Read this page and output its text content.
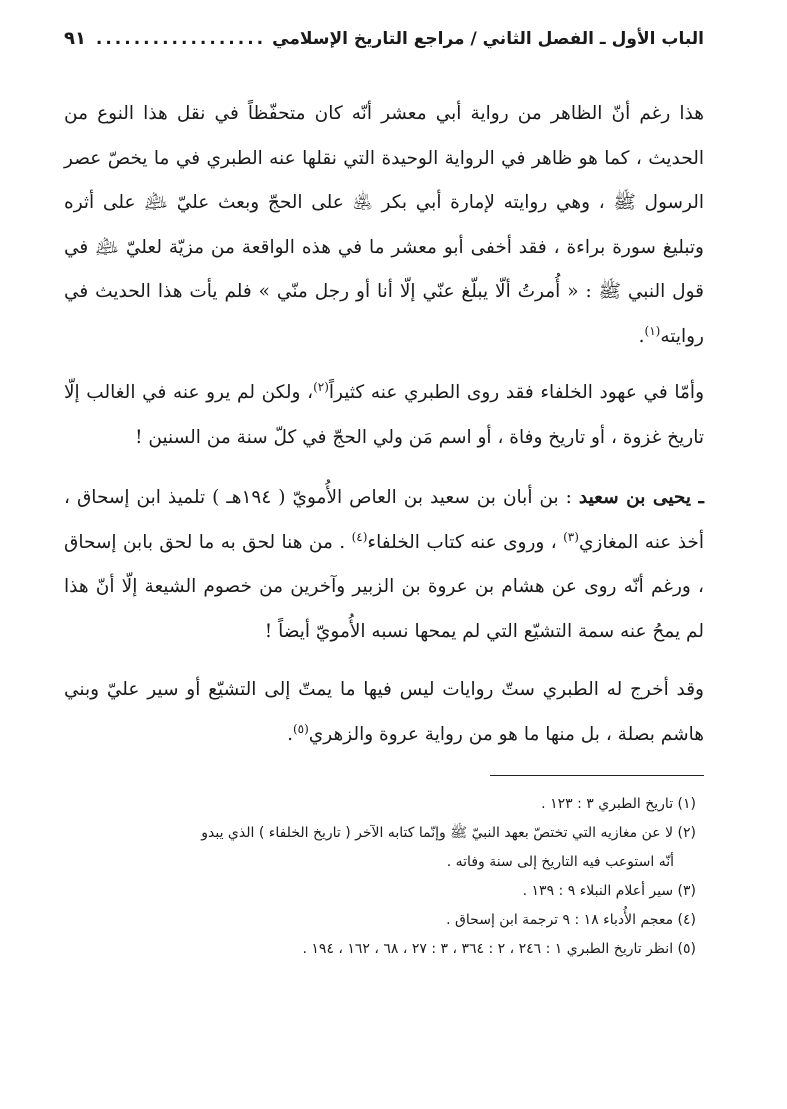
الباب الأول ـ الفصل الثاني / مراجع التاريخ الإسلامي
.....
٩١

هذا رغم أنّ الظاهر من رواية أبي معشر أنّه كان متحفّظاً في نقل هذا النوع من الحديث ، كما هو ظاهر في الرواية الوحيدة التي نقلها عنه الطبري في ما يخصّ عصر الرسول ﷺ ، وهي روايته لإمارة أبي بكر ﵁ على الحجّ وبعث عليّ ﵇ على أثره وتبليغ سورة براءة ، فقد أخفى أبو معشر ما في هذه الواقعة من مزيّة لعليّ ﵇ في قول النبي ﷺ : « أُمرتُ ألّا يبلّغ عنّي إلّا أنا أو رجل منّي » فلم يأت هذا الحديث في روايته$^{(١)}$.

وأمّا في عهود الخلفاء فقد روى الطبري عنه كثيراً$^{(٢)}$، ولكن لم يرو عنه في الغالب إلّا تاريخ غزوة ، أو تاريخ وفاة ، أو اسم مَن ولي الحجّ في كلّ سنة من السنين !

ـ يحيى بن سعيد : بن أبان بن سعيد بن العاص الأُمويّ ( ١٩٤هـ ) تلميذ ابن إسحاق ، أخذ عنه المغازي$^{(٣)}$ ، وروى عنه كتاب الخلفاء$^{(٤)}$ . من هنا لحق به ما لحق بابن إسحاق ، ورغم أنّه روى عن هشام بن عروة بن الزبير وآخرين من خصوم الشيعة إلّا أنّ هذا لم يمحُ عنه سمة التشيّع التي لم يمحها نسبه الأُمويّ أيضاً !

وقد أخرج له الطبري ستّ روايات ليس فيها ما يمتّ إلى التشيّع أو سير عليّ وبني هاشم بصلة ، بل منها ما هو من رواية عروة والزهري$^{(٥)}$.

(١) تاريخ الطبري ٣ : ١٢٣ .

(٢) لا عن مغازيه التي تختصّ بعهد النبيّ ﷺ وإنّما كتابه الآخر ( تاريخ الخلفاء ) الذي يبدو

أنّه استوعب فيه التاريخ إلى سنة وفاته .

(٣) سير أعلام النبلاء ٩ : ١٣٩ .

(٤) معجم الأُدباء ١٨ : ٩ ترجمة ابن إسحاق .

(٥) انظر تاريخ الطبري ١ : ٢٤٦ ، ٢ : ٣٦٤ ، ٣ : ٢٧ ، ٦٨ ، ١٦٢ ، ١٩٤ .
